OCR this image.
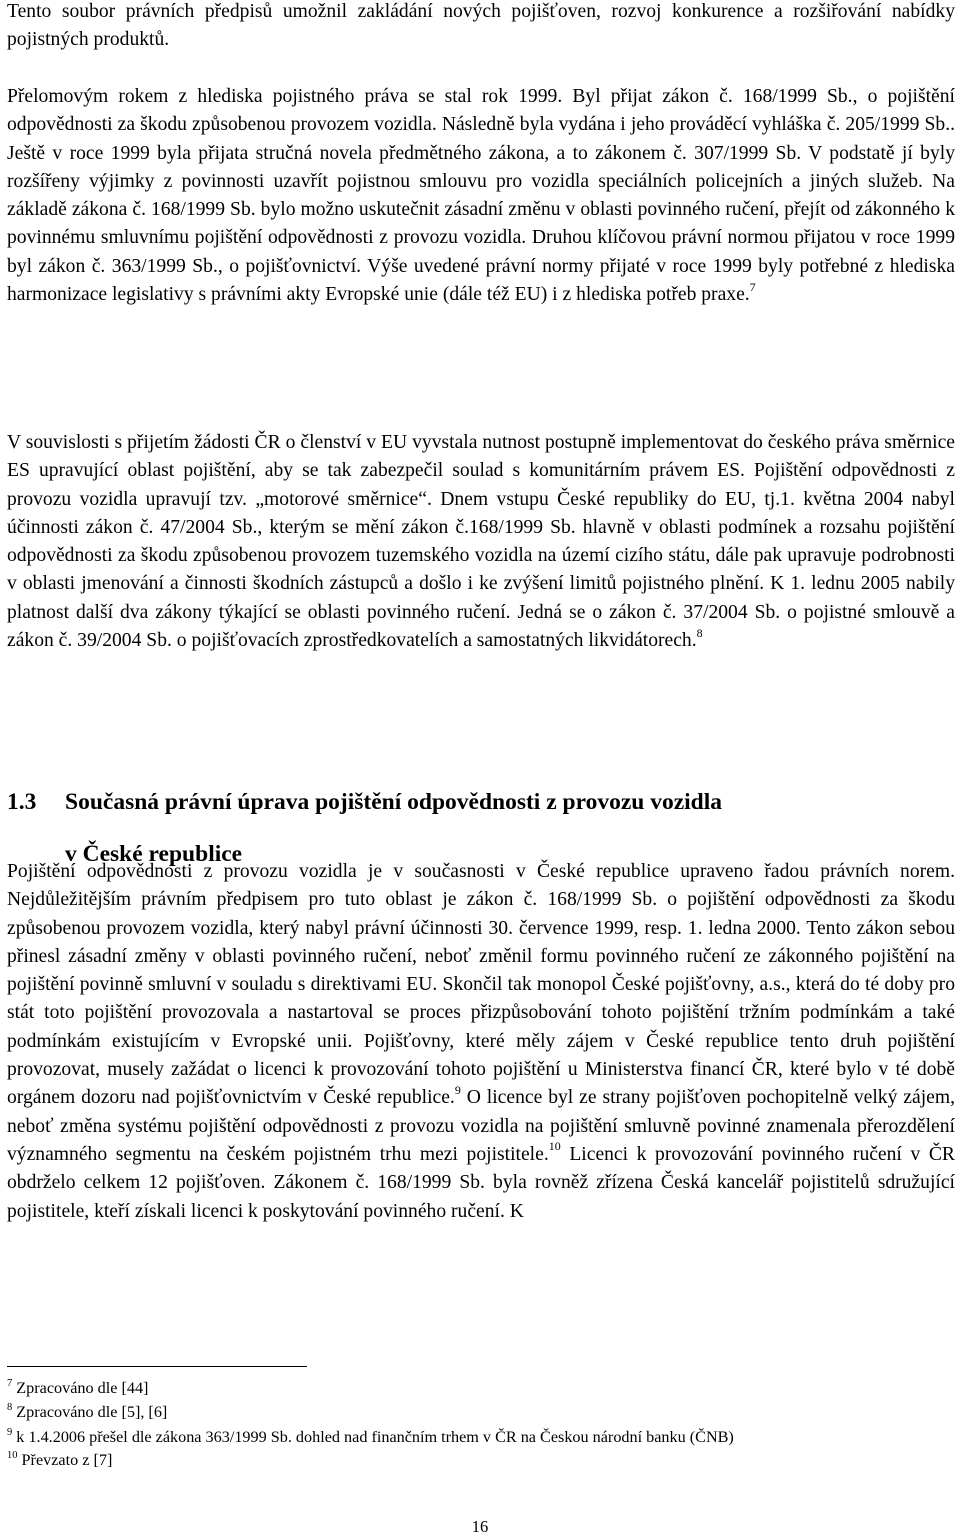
Tento soubor právních předpisů umožnil zakládání nových pojišťoven, rozvoj konkurence a rozšiřování nabídky pojistných produktů.

Přelomovým rokem z hlediska pojistného práva se stal rok 1999. Byl přijat zákon č. 168/1999 Sb., o pojištění odpovědnosti za škodu způsobenou provozem vozidla. Následně byla vydána i jeho prováděcí vyhláška č. 205/1999 Sb.. Ještě v roce 1999 byla přijata stručná novela předmětného zákona, a to zákonem č. 307/1999 Sb. V podstatě jí byly rozšířeny výjimky z povinnosti uzavřít pojistnou smlouvu pro vozidla speciálních policejních a jiných služeb. Na základě zákona č. 168/1999 Sb. bylo možno uskutečnit zásadní změnu v oblasti povinného ručení, přejít od zákonného k povinnému smluvnímu pojištění odpovědnosti z provozu vozidla. Druhou klíčovou právní normou přijatou v roce 1999 byl zákon č. 363/1999 Sb., o pojišťovnictví. Výše uvedené právní normy přijaté v roce 1999 byly potřebné z hlediska harmonizace legislativy s právními akty Evropské unie (dále též EU) i z hlediska potřeb praxe.$^7$

V souvislosti s přijetím žádosti ČR o členství v EU vyvstala nutnost postupně implementovat do českého práva směrnice ES upravující oblast pojištění, aby se tak zabezpečil soulad s komunitárním právem ES. Pojištění odpovědnosti z provozu vozidla upravují tzv. „motorové směrnice“. Dnem vstupu České republiky do EU, tj.1. května 2004 nabyl účinnosti zákon č. 47/2004 Sb., kterým se mění zákon č.168/1999 Sb. hlavně v oblasti podmínek a rozsahu pojištění odpovědnosti za škodu způsobenou provozem tuzemského vozidla na území cizího státu, dále pak upravuje podrobnosti v oblasti jmenování a činnosti škodních zástupců a došlo i ke zvýšení limitů pojistného plnění. K 1. lednu 2005 nabily platnost další dva zákony týkající se oblasti povinného ručení. Jedná se o zákon č. 37/2004 Sb. o pojistné smlouvě a zákon č. 39/2004 Sb. o pojišťovacích zprostředkovatelích a samostatných likvidátorech.$^8$

1.3 Současná právní úprava pojištění odpovědnosti z provozu vozidla
v České republice

Pojištění odpovědnosti z provozu vozidla je v současnosti v České republice upraveno řadou právních norem. Nejdůležitějším právním předpisem pro tuto oblast je zákon č. 168/1999 Sb. o pojištění odpovědnosti za škodu způsobenou provozem vozidla, který nabyl právní účinnosti 30. července 1999, resp. 1. ledna 2000. Tento zákon sebou přinesl zásadní změny v oblasti povinného ručení, neboť změnil formu povinného ručení ze zákonného pojištění na pojištění povinně smluvní v souladu s direktivami EU. Skončil tak monopol České pojišťovny, a.s., která do té doby pro stát toto pojištění provozovala a nastartoval se proces přizpůsobování tohoto pojištění tržním podmínkám a také podmínkám existujícím v Evropské unii. Pojišťovny, které měly zájem v České republice tento druh pojištění provozovat, musely zažádat o licenci k provozování tohoto pojištění u Ministerstva financí ČR, které bylo v té době orgánem dozoru nad pojišťovnictvím v České republice.$^9$ O licence byl ze strany pojišťoven pochopitelně velký zájem, neboť změna systému pojištění odpovědnosti z provozu vozidla na pojištění smluvně povinné znamenala přerozdělení významného segmentu na českém pojistném trhu mezi pojistitele.$^{10}$ Licenci k provozování povinného ručení v ČR obdrželo celkem 12 pojišťoven. Zákonem č. 168/1999 Sb. byla rovněž zřízena Česká kancelář pojistitelů sdružující pojistitele, kteří získali licenci k poskytování povinného ručení. K

$^7$ Zpracováno dle [44]
$^8$ Zpracováno dle [5], [6]
$^9$ k 1.4.2006 přešel dle zákona 363/1999 Sb. dohled nad finančním trhem v ČR na Českou národní banku (ČNB)
$^{10}$ Převzato z [7]
16
